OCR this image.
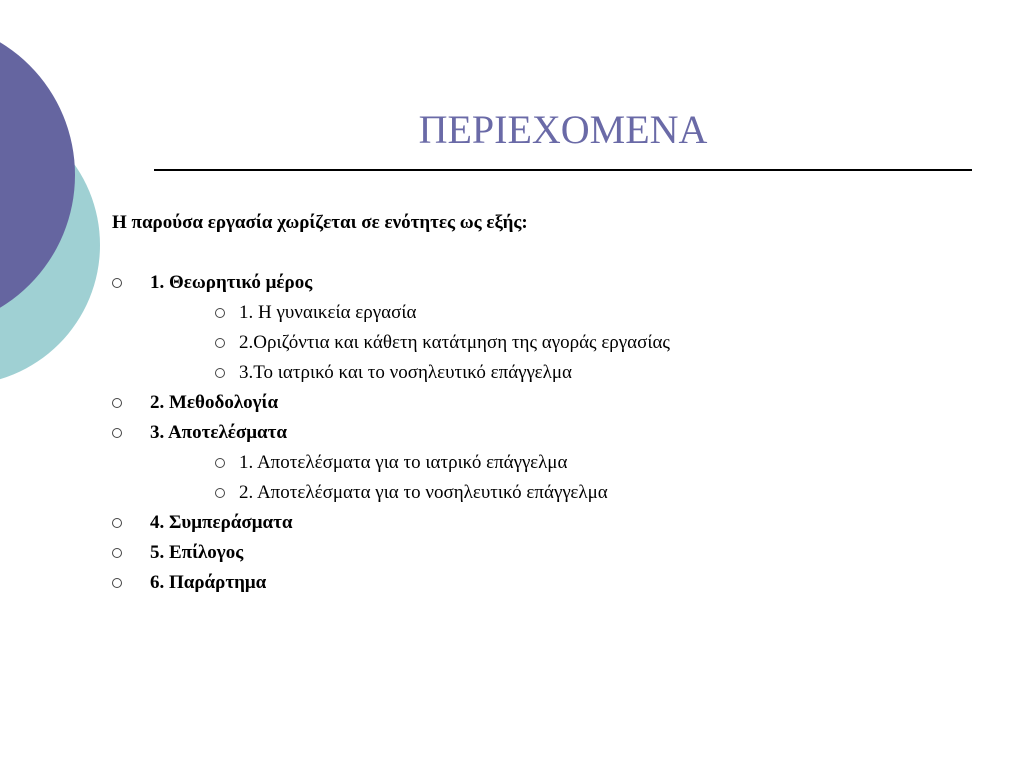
ΠΕΡΙΕΧΟΜΕΝΑ
Η παρούσα εργασία χωρίζεται σε ενότητες ως εξής:
1. Θεωρητικό μέρος
1. Η γυναικεία εργασία
2.Οριζόντια και κάθετη κατάτμηση της αγοράς εργασίας
3.Το ιατρικό και το νοσηλευτικό επάγγελμα
2. Μεθοδολογία
3. Αποτελέσματα
1. Αποτελέσματα για το ιατρικό επάγγελμα
2. Αποτελέσματα για το νοσηλευτικό επάγγελμα
4. Συμπεράσματα
5. Επίλογος
6. Παράρτημα
